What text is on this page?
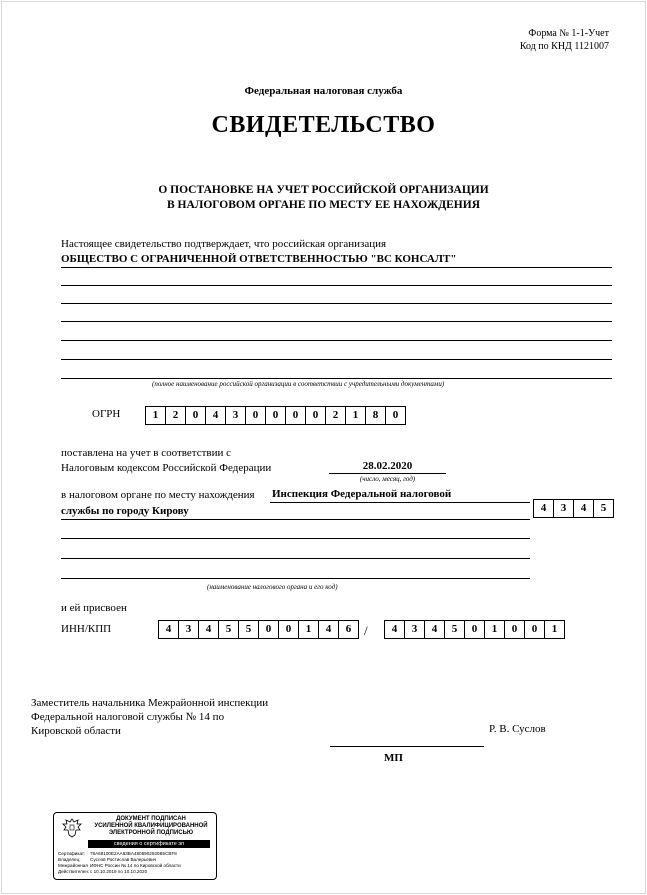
Форма № 1-1-Учет
Код по КНД 1121007
Федеральная налоговая служба
СВИДЕТЕЛЬСТВО
О ПОСТАНОВКЕ НА УЧЕТ РОССИЙСКОЙ ОРГАНИЗАЦИИ
В НАЛОГОВОМ ОРГАНЕ ПО МЕСТУ ЕЕ НАХОЖДЕНИЯ
Настоящее свидетельство подтверждает, что российская организация
ОБЩЕСТВО С ОГРАНИЧЕННОЙ ОТВЕТСТВЕННОСТЬЮ "ВС КОНСАЛТ"
(полное наименование российской организации в соответствии с учредительными документами)
ОГРН	1	2	0	4	3	0	0	0	0	2	1	8	0
поставлена на учет в соответствии с
Налоговым кодексом Российской Федерации	28.02.2020
(число, месяц, год)
в налоговом органе по месту нахождения Инспекция Федеральной налоговой
службы по городу Кирову	4	3	4	5
(наименование налогового органа и его код)
и ей присвоен
ИНН/КПП	4	3	4	5	5	0	0	1	4	6 /	4	3	4	5	0	1	0	0	1
Заместитель начальника Межрайонной инспекции
Федеральной налоговой службы № 14 по
Кировской области	Р. В. Суслов
МП
ДОКУМЕНТ ПОДПИСАН
УСИЛЕННОЙ КВАЛИФИЦИРОВАННОЙ
ЭЛЕКТРОННОЙ ПОДПИСЬЮ
сведения о сертификате эп
Сертификат: 78A68100E2AA93BA4808902930B5CBF8
Владелец: Суслов Ростислав Валерьевич
Межрайонная ИФНС России № 14 по Кировской области
Действителен:с 10.10.2019 по 10.10.2020
